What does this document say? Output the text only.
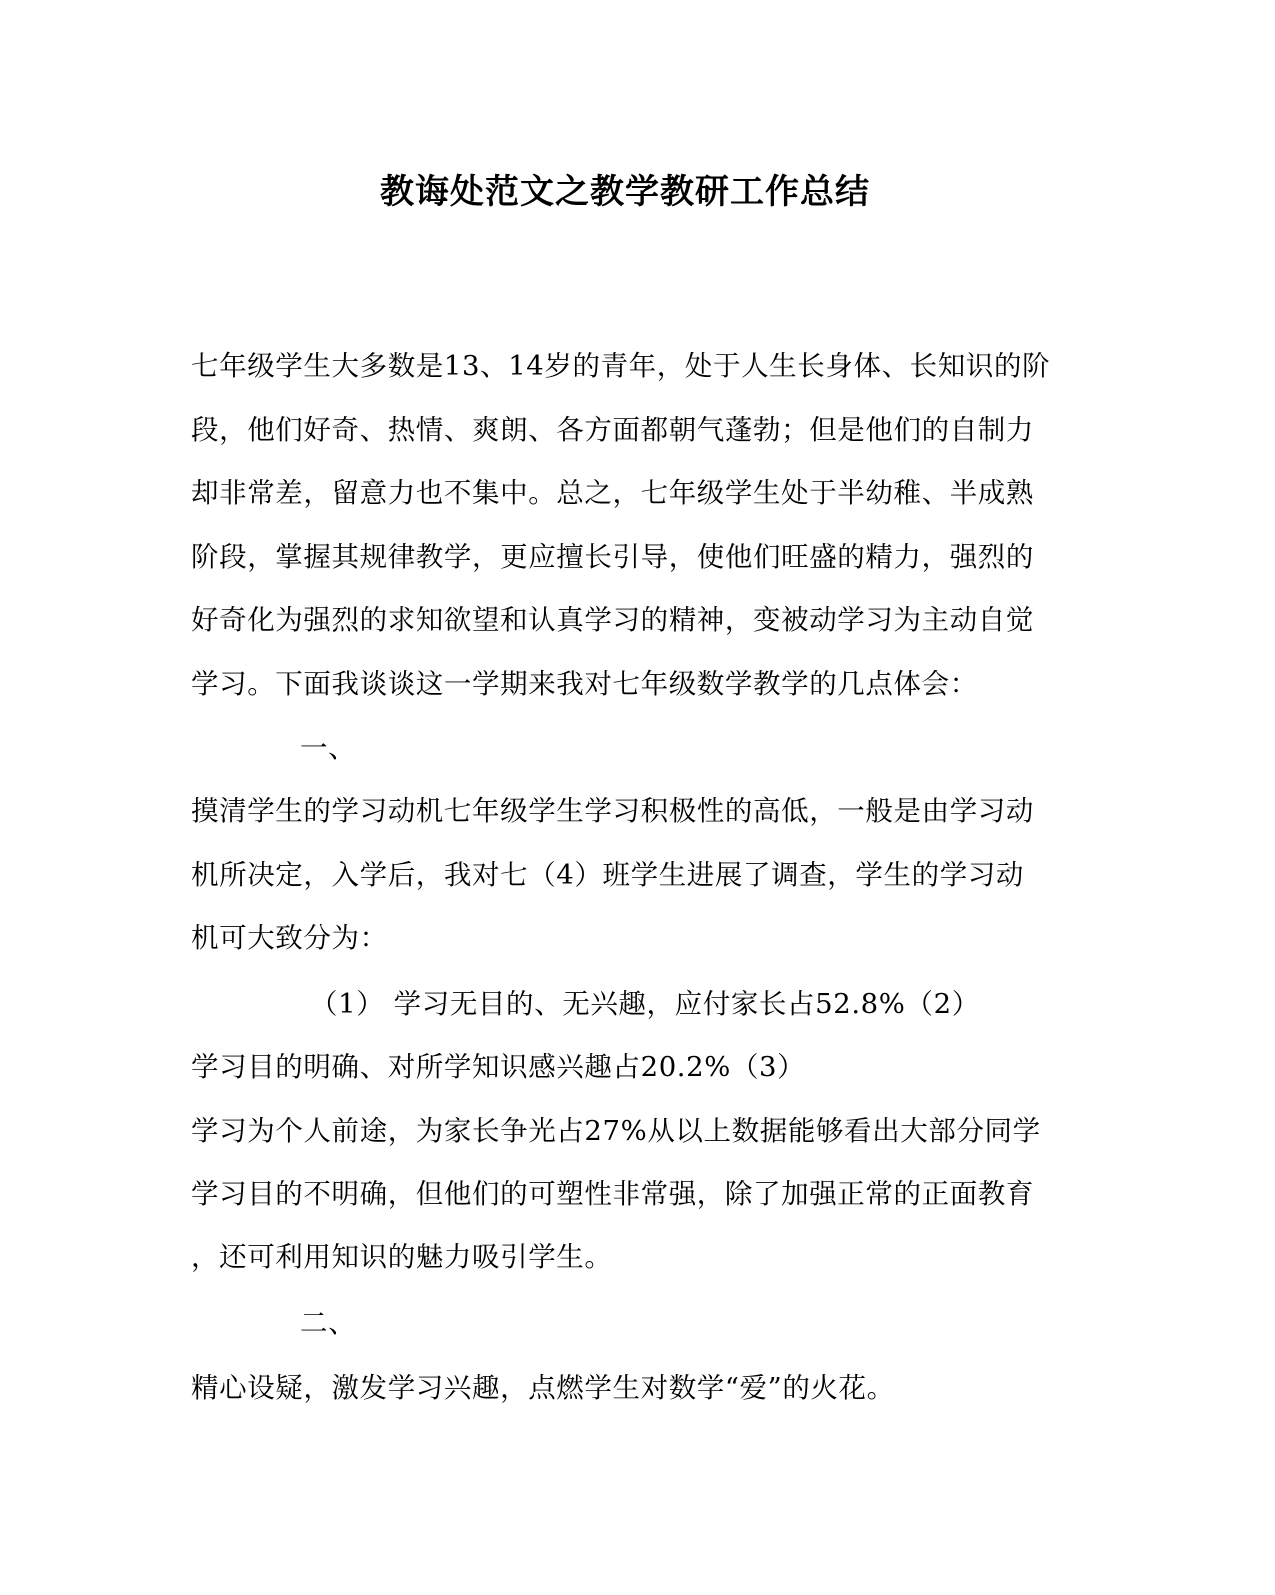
教诲处范文之教学教研工作总结
七年级学生大多数是13、14岁的青年，处于人生长身体、长知识的阶
段，他们好奇、热情、爽朗、各方面都朝气蓬勃；但是他们的自制力
却非常差，留意力也不集中。总之，七年级学生处于半幼稚、半成熟
阶段，掌握其规律教学，更应擅长引导，使他们旺盛的精力，强烈的
好奇化为强烈的求知欲望和认真学习的精神，变被动学习为主动自觉
学习。下面我谈谈这一学期来我对七年级数学教学的几点体会：
一、
摸清学生的学习动机七年级学生学习积极性的高低，一般是由学习动
机所决定，入学后，我对七（4）班学生进展了调查，学生的学习动
机可大致分为：
（1） 学习无目的、无兴趣，应付家长占52.8%（2）
学习目的明确、对所学知识感兴趣占20.2%（3）
学习为个人前途，为家长争光占27%从以上数据能够看出大部分同学
学习目的不明确，但他们的可塑性非常强，除了加强正常的正面教育
，还可利用知识的魅力吸引学生。
二、
精心设疑，激发学习兴趣，点燃学生对数学“爱”的火花。
